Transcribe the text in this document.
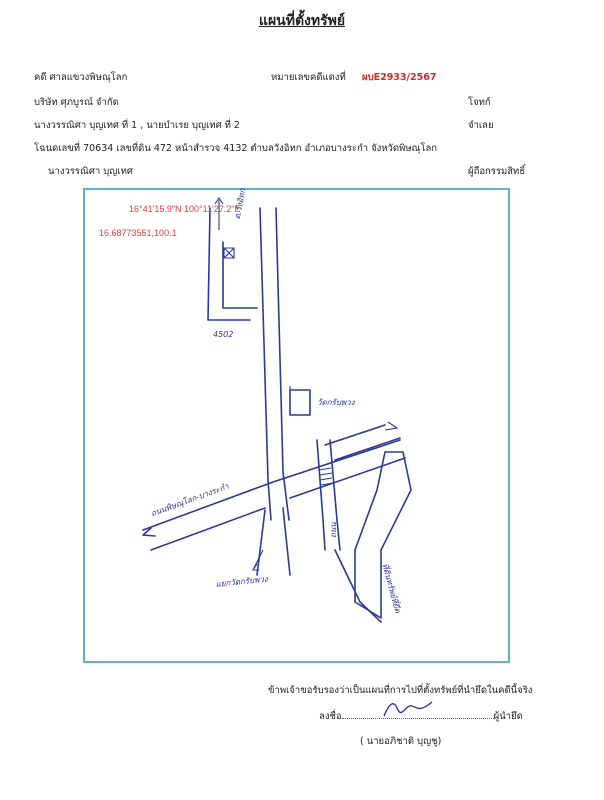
แผนที่ตั้งทรัพย์
คดี ศาลแขวงพิษณุโลก	หมายเลขคดีแดงที่ ผบE2933/2567
บริษัท ศุภบูรณ์ จำกัด	โจทก์
นางวรรณิศา บุญเทศ ที่ 1 , นายบำเรย บุญเทศ ที่ 2	จำเลย
โฉนดเลขที่ 70634 เลขที่ดิน 472 หน้าสำรวจ 4132 ตำบลวังอิทก อำเภอบางระกำ จังหวัดพิษณุโลก
นางวรรณิศา บุญเทศ	ผู้ถือกรรมสิทธิ์
16°41'15.9"N 100°11'27.2"E
16.68773551,100.1
ต.วังอิทก
4502
วัดกรับพวง
ถนนพิษณุโลก-บางระกำ
แยกวัดกรับพวง
ถนน
ที่ดินทรัพย์ที่ยึด
ข้าพเจ้าขอรับรองว่าเป็นแผนที่การไปที่ตั้งทรัพย์ที่นำยึดในคดีนี้จริง
ลงชื่อ	ผู้นำยึด
( นายอภิชาติ บุญชู)
